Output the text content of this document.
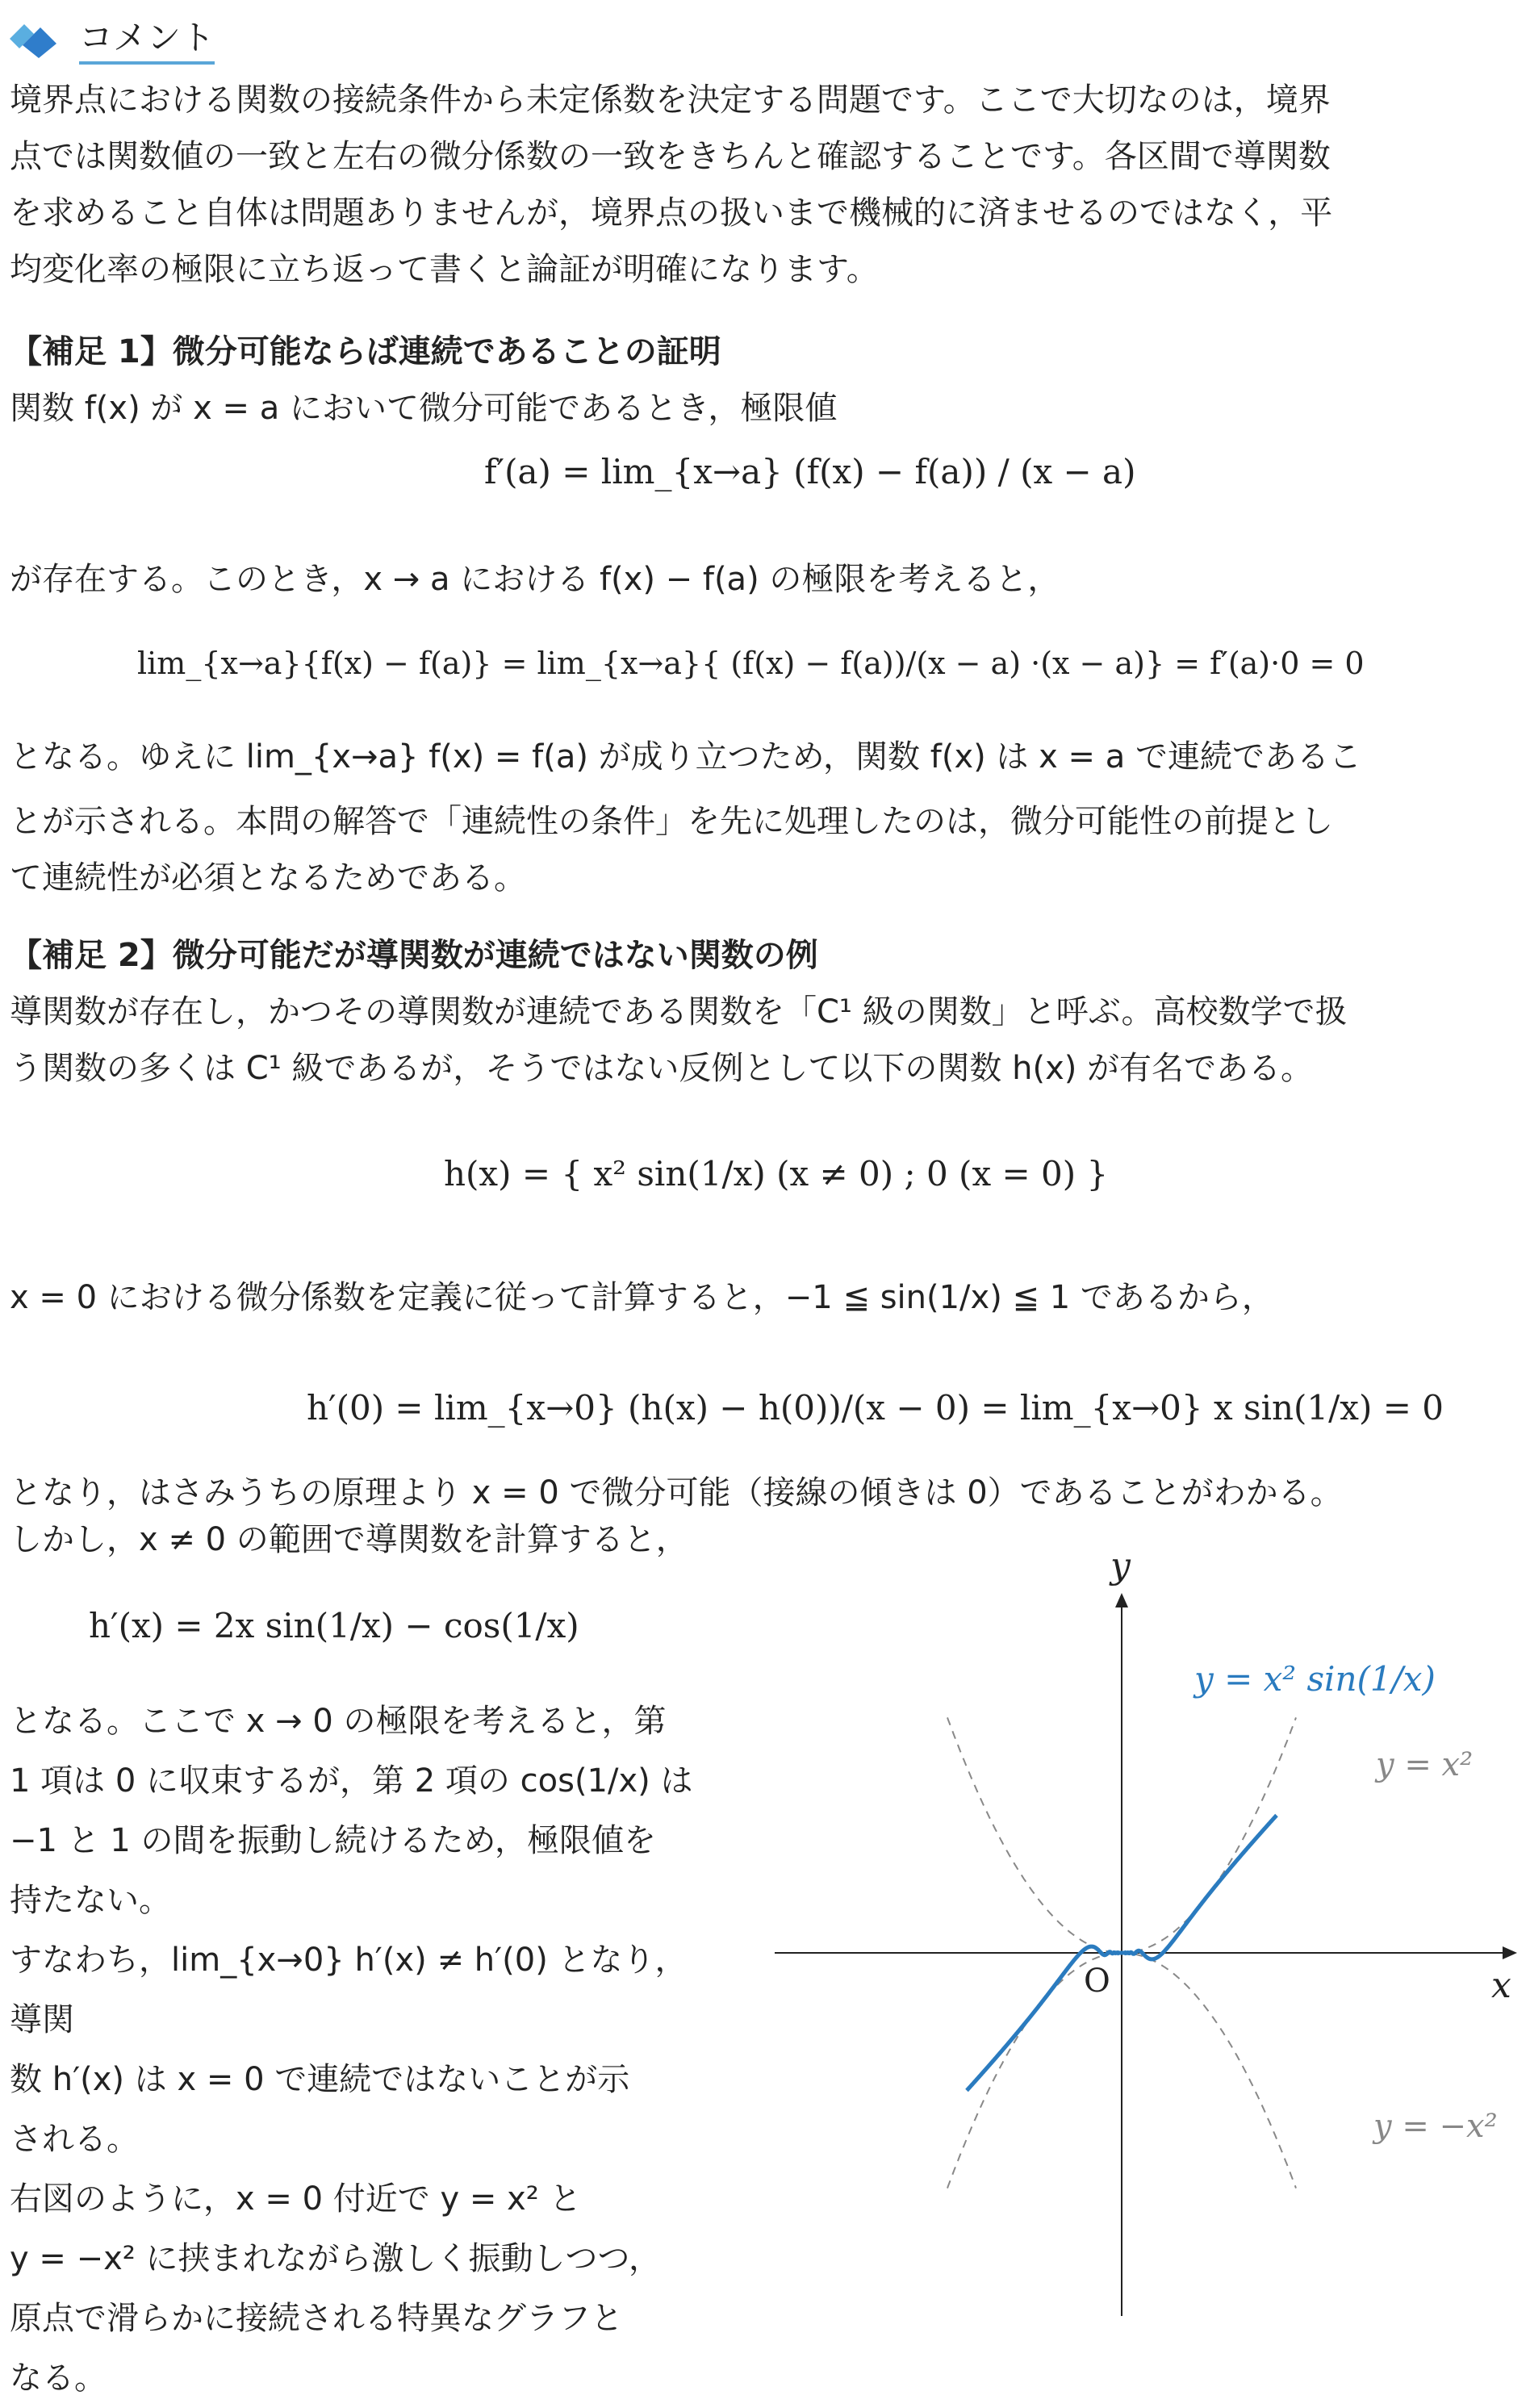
コメント
境界点における関数の接続条件から未定係数を決定する問題です。ここで大切なのは，境界
点では関数値の一致と左右の微分係数の一致をきちんと確認することです。各区間で導関数
を求めること自体は問題ありませんが，境界点の扱いまで機械的に済ませるのではなく，平
均変化率の極限に立ち返って書くと論証が明確になります。
【補足 1】微分可能ならば連続であることの証明
関数 f(x) が x = a において微分可能であるとき，極限値
f′(a) = lim_{x→a} (f(x) − f(a)) / (x − a)
が存在する。このとき，x → a における f(x) − f(a) の極限を考えると，
lim_{x→a}{f(x) − f(a)} = lim_{x→a}{ (f(x) − f(a))/(x − a) ·(x − a)} = f′(a)·0 = 0
となる。ゆえに lim_{x→a} f(x) = f(a) が成り立つため，関数 f(x) は x = a で連続であるこ
とが示される。本問の解答で「連続性の条件」を先に処理したのは，微分可能性の前提とし
て連続性が必須となるためである。
【補足 2】微分可能だが導関数が連続ではない関数の例
導関数が存在し，かつその導関数が連続である関数を「C¹ 級の関数」と呼ぶ。高校数学で扱
う関数の多くは C¹ 級であるが，そうではない反例として以下の関数 h(x) が有名である。
h(x) = { x² sin(1/x) (x ≠ 0) ; 0 (x = 0) }
x = 0 における微分係数を定義に従って計算すると，−1 ≦ sin(1/x) ≦ 1 であるから，
h′(0) = lim_{x→0} (h(x) − h(0))/(x − 0) = lim_{x→0} x sin(1/x) = 0
となり，はさみうちの原理より x = 0 で微分可能（接線の傾きは 0）であることがわかる。
しかし，x ≠ 0 の範囲で導関数を計算すると，
h′(x) = 2x sin(1/x) − cos(1/x)
となる。ここで x → 0 の極限を考えると，第
1 項は 0 に収束するが，第 2 項の cos(1/x) は
−1 と 1 の間を振動し続けるため，極限値を
持たない。
すなわち，lim_{x→0} h′(x) ≠ h′(0) となり，導関
数 h′(x) は x = 0 で連続ではないことが示
される。
右図のように，x = 0 付近で y = x² と
y = −x² に挟まれながら激しく振動しつつ，
原点で滑らかに接続される特異なグラフと
なる。
x
y
O
y = x² sin(1/x)
y = x²
y = −x²
